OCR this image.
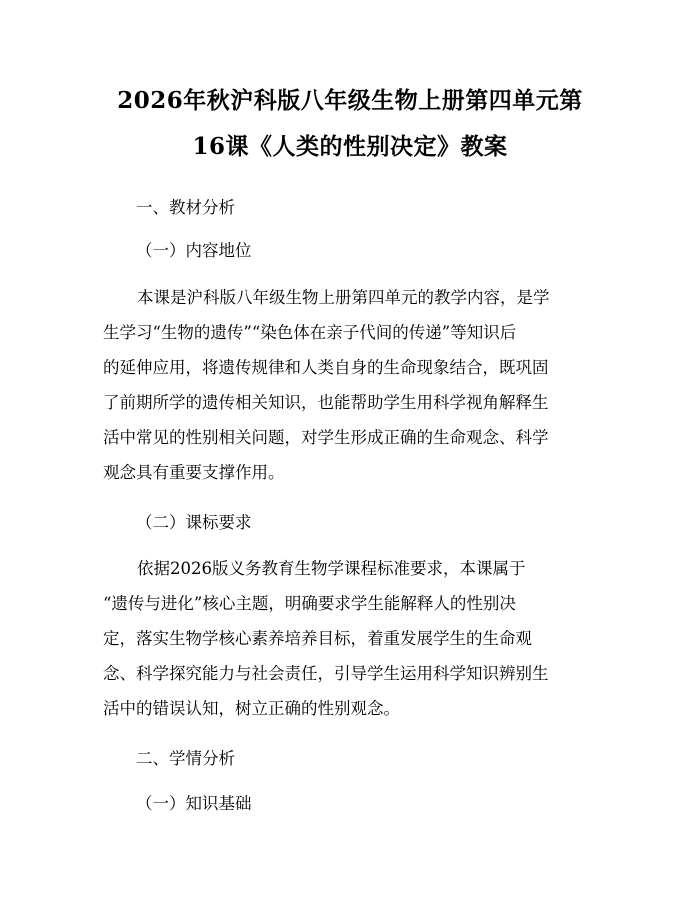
2026年秋沪科版八年级生物上册第四单元第
16课《人类的性别决定》教案

一、教材分析

（一）内容地位

本课是沪科版八年级生物上册第四单元的教学内容，是学

生学习“生物的遗传”“染色体在亲子代间的传递”等知识后

的延伸应用，将遗传规律和人类自身的生命现象结合，既巩固

了前期所学的遗传相关知识，也能帮助学生用科学视角解释生

活中常见的性别相关问题，对学生形成正确的生命观念、科学

观念具有重要支撑作用。

（二）课标要求

依据2026版义务教育生物学课程标准要求，本课属于

“遗传与进化”核心主题，明确要求学生能解释人的性别决

定，落实生物学核心素养培养目标，着重发展学生的生命观

念、科学探究能力与社会责任，引导学生运用科学知识辨别生

活中的错误认知，树立正确的性别观念。

二、学情分析

（一）知识基础
